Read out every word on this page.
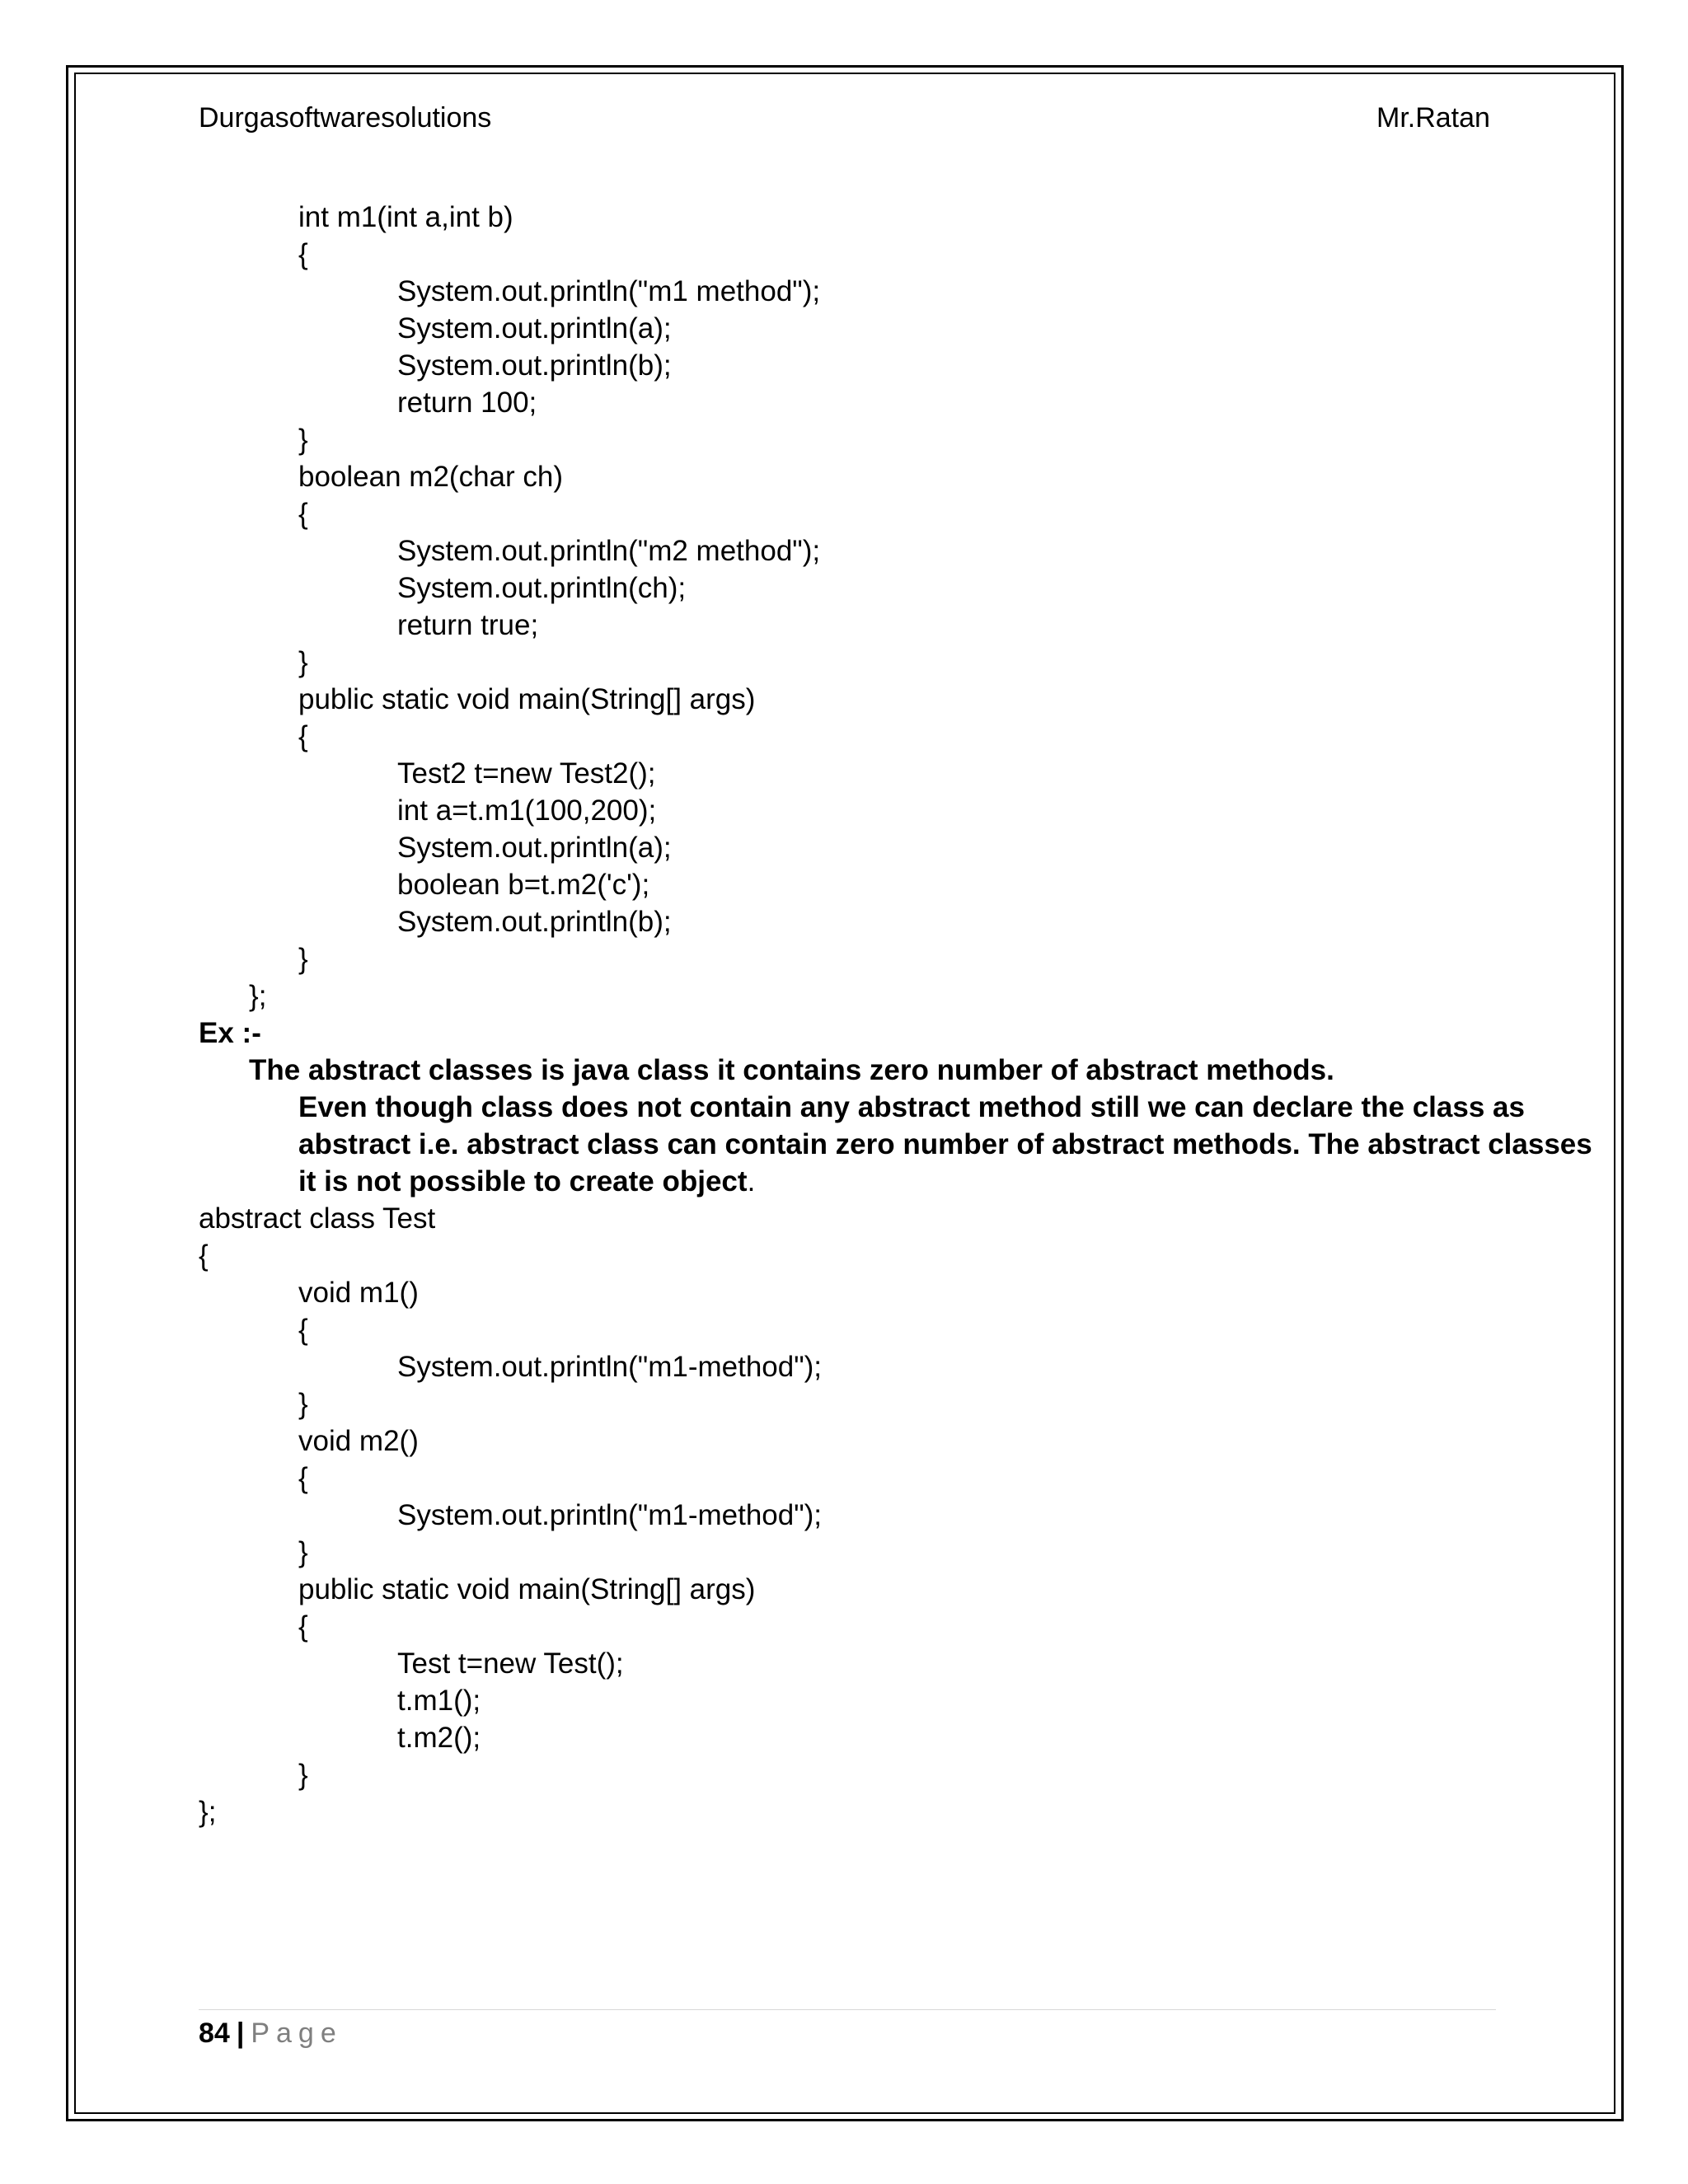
Durgasoftwaresolutions	Mr.Ratan
int m1(int a,int b)
{
System.out.println("m1 method");
System.out.println(a);
System.out.println(b);
return 100;
}
boolean m2(char ch)
{
System.out.println("m2 method");
System.out.println(ch);
return true;
}
public static void main(String[] args)
{
Test2 t=new Test2();
int a=t.m1(100,200);
System.out.println(a);
boolean b=t.m2('c');
System.out.println(b);
}
};
Ex :-
The abstract classes is java class it contains zero number of abstract methods.
Even though class does not contain any abstract method still we can declare the class as
abstract i.e. abstract class can contain zero number of abstract methods. The abstract classes
it is not possible to create object.
abstract class Test
{
void m1()
{
System.out.println("m1-method");
}
void m2()
{
System.out.println("m1-method");
}
public static void main(String[] args)
{
Test t=new Test();
t.m1();
t.m2();
}
};
84 | Page
